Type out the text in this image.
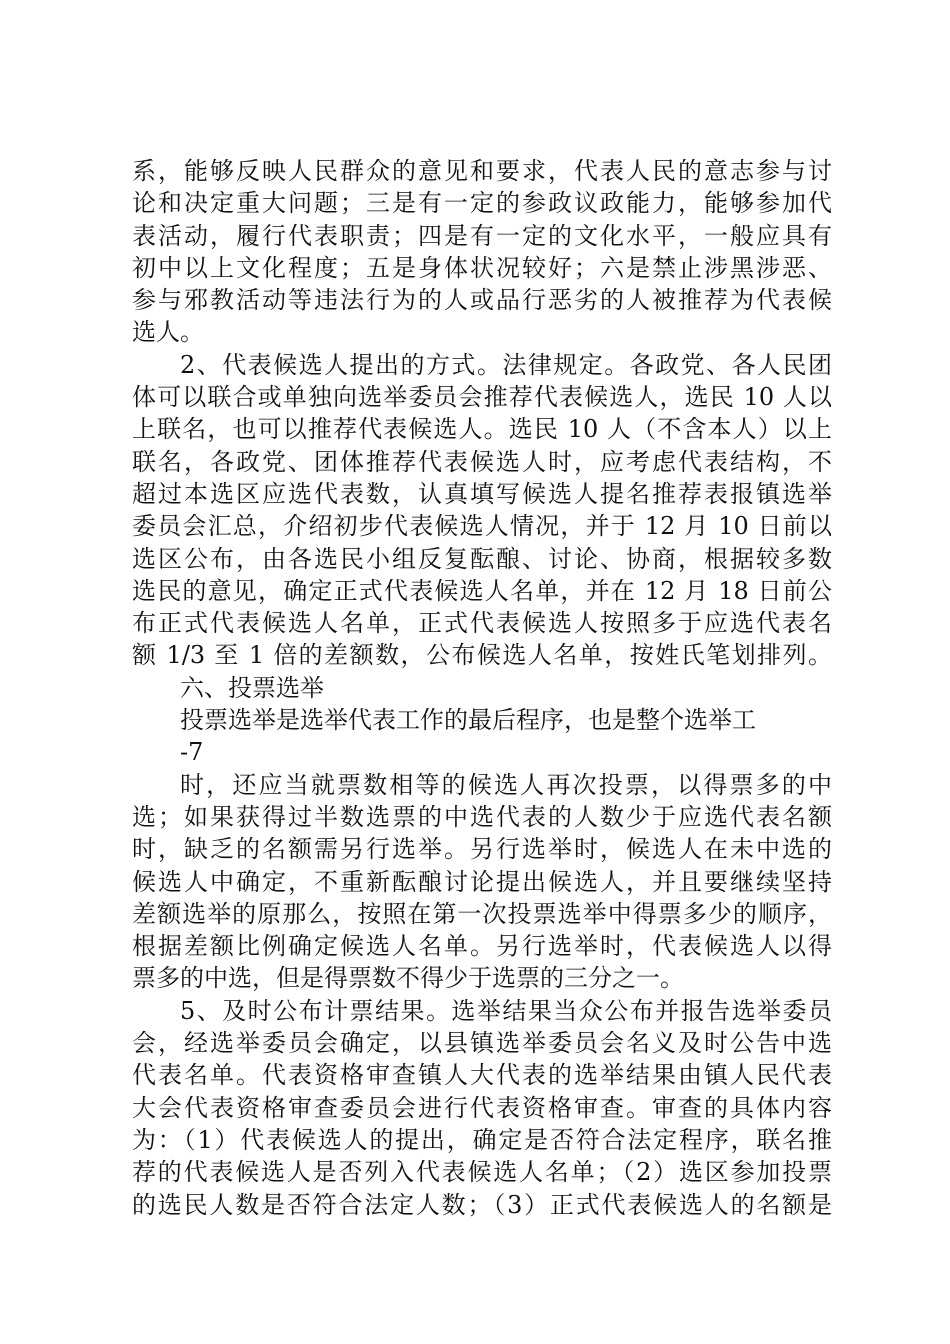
系，能够反映人民群众的意见和要求，代表人民的意志参与讨
论和决定重大问题；三是有一定的参政议政能力，能够参加代
表活动，履行代表职责；四是有一定的文化水平，一般应具有
初中以上文化程度；五是身体状况较好；六是禁止涉黑涉恶、
参与邪教活动等违法行为的人或品行恶劣的人被推荐为代表候
选人。
2、代表候选人提出的方式。法律规定。各政党、各人民团
体可以联合或单独向选举委员会推荐代表候选人，选民 10 人以
上联名，也可以推荐代表候选人。选民 10 人（不含本人）以上
联名，各政党、团体推荐代表候选人时，应考虑代表结构，不
超过本选区应选代表数，认真填写候选人提名推荐表报镇选举
委员会汇总，介绍初步代表候选人情况，并于 12 月 10 日前以
选区公布，由各选民小组反复酝酿、讨论、协商，根据较多数
选民的意见，确定正式代表候选人名单，并在 12 月 18 日前公
布正式代表候选人名单，正式代表候选人按照多于应选代表名
额 1/3 至 1 倍的差额数，公布候选人名单，按姓氏笔划排列。
六、投票选举
投票选举是选举代表工作的最后程序，也是整个选举工
-7
时，还应当就票数相等的候选人再次投票，以得票多的中
选；如果获得过半数选票的中选代表的人数少于应选代表名额
时，缺乏的名额需另行选举。另行选举时，候选人在未中选的
候选人中确定，不重新酝酿讨论提出候选人，并且要继续坚持
差额选举的原那么，按照在第一次投票选举中得票多少的顺序，
根据差额比例确定候选人名单。另行选举时，代表候选人以得
票多的中选，但是得票数不得少于选票的三分之一。
5、及时公布计票结果。选举结果当众公布并报告选举委员
会，经选举委员会确定，以县镇选举委员会名义及时公告中选
代表名单。代表资格审查镇人大代表的选举结果由镇人民代表
大会代表资格审查委员会进行代表资格审查。审查的具体内容
为：（1）代表候选人的提出，确定是否符合法定程序，联名推
荐的代表候选人是否列入代表候选人名单；（2）选区参加投票
的选民人数是否符合法定人数；（3）正式代表候选人的名额是
